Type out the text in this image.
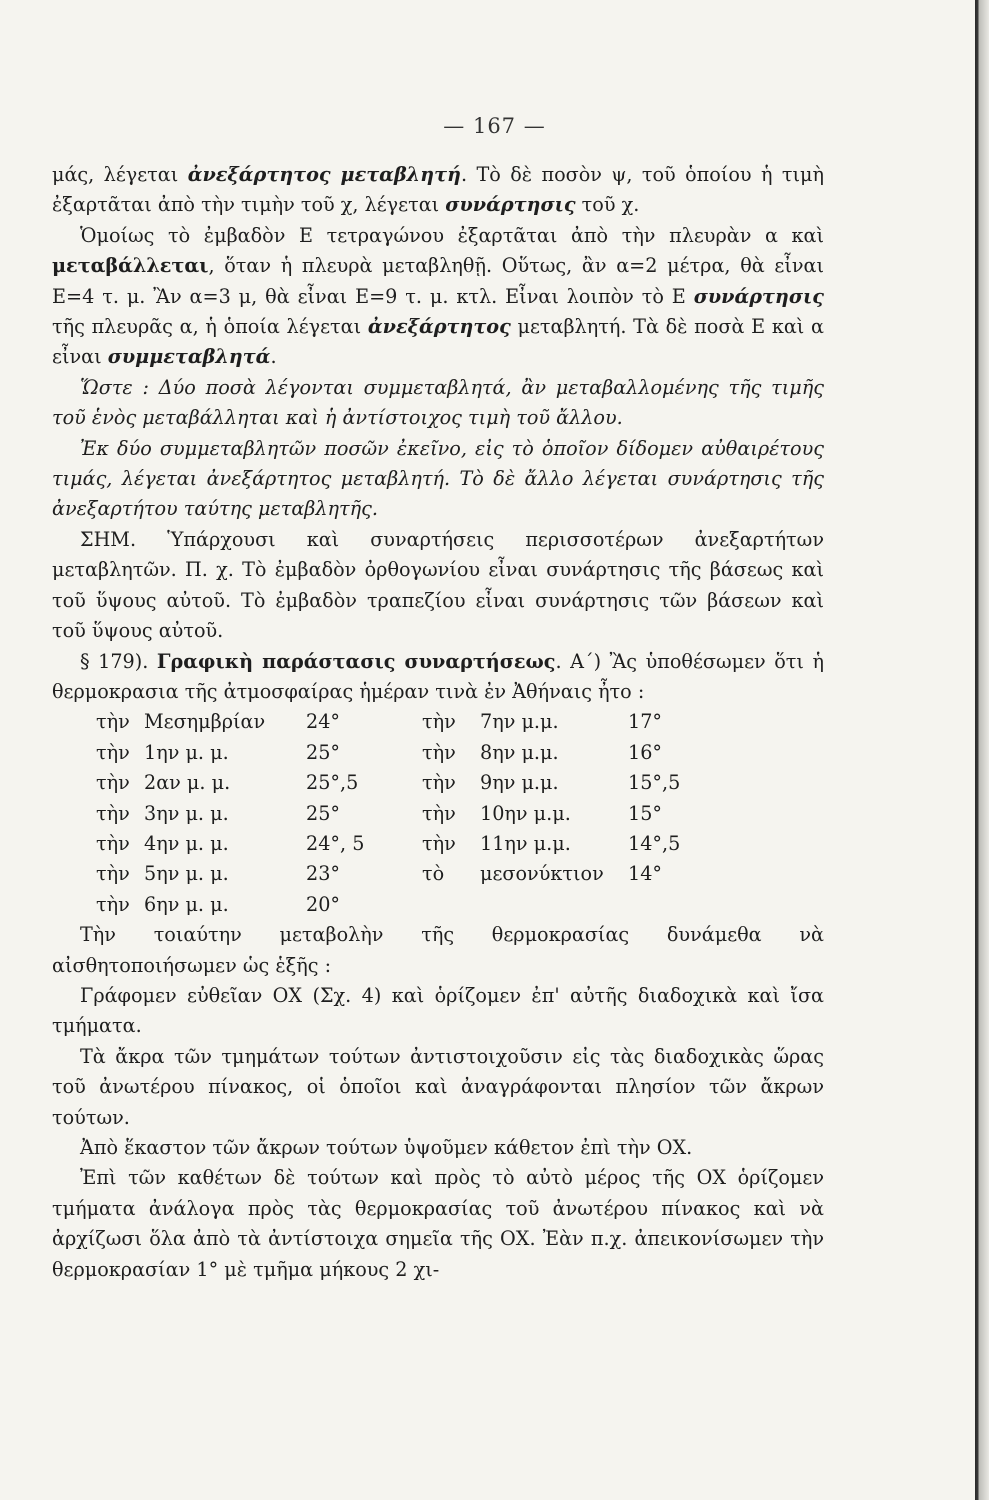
— 167 —

μάς, λέγεται ἀνεξάρτητος μεταβλητή. Τὸ δὲ ποσὸν ψ, τοῦ ὁποίου ἡ τιμὴ ἐξαρτᾶται ἀπὸ τὴν τιμὴν τοῦ χ, λέγεται συνάρτησις τοῦ χ.

Ὁμοίως τὸ ἐμβαδὸν Ε τετραγώνου ἐξαρτᾶται ἀπὸ τὴν πλευρὰν α καὶ μεταβάλλεται, ὅταν ἡ πλευρὰ μεταβληθῇ. Οὕτως, ἂν α=2 μέτρα, θὰ εἶναι Ε=4 τ. μ. Ἂν α=3 μ, θὰ εἶναι Ε=9 τ. μ. κτλ. Εἶναι λοιπὸν τὸ Ε συνάρτησις τῆς πλευρᾶς α, ἡ ὁποία λέγεται ἀνεξάρτητος μεταβλητή. Τὰ δὲ ποσὰ Ε καὶ α εἶναι συμμεταβλητά.

Ὥστε : Δύο ποσὰ λέγονται συμμεταβλητά, ἂν μεταβαλλομένης τῆς τιμῆς τοῦ ἑνὸς μεταβάλληται καὶ ἡ ἀντίστοιχος τιμὴ τοῦ ἄλλου.

Ἐκ δύο συμμεταβλητῶν ποσῶν ἐκεῖνο, εἰς τὸ ὁποῖον δίδομεν αὐθαιρέτους τιμάς, λέγεται ἀνεξάρτητος μεταβλητή. Τὸ δὲ ἄλλο λέγεται συνάρτησις τῆς ἀνεξαρτήτου ταύτης μεταβλητῆς.

ΣΗΜ. Ὑπάρχουσι καὶ συναρτήσεις περισσοτέρων ἀνεξαρτήτων μεταβλητῶν. Π. χ. Τὸ ἐμβαδὸν ὀρθογωνίου εἶναι συνάρτησις τῆς βάσεως καὶ τοῦ ὕψους αὐτοῦ. Τὸ ἐμβαδὸν τραπεζίου εἶναι συνάρτησις τῶν βάσεων καὶ τοῦ ὕψους αὐτοῦ.

§ 179). Γραφικὴ παράστασις συναρτήσεως. Α΄) Ἂς ὑποθέσωμεν ὅτι ἡ θερμοκρασια τῆς ἀτμοσφαίρας ἡμέραν τινὰ ἐν Ἀθήναις ἦτο :

τὴν	Μεσημβρίαν	24°	τὴν	7ην μ.μ.	17°
τὴν	1ην μ. μ.	25°	τὴν	8ην μ.μ.	16°
τὴν	2αν μ. μ.	25°,5	τὴν	9ην μ.μ.	15°,5
τὴν	3ην μ. μ.	25°	τὴν	10ην μ.μ.	15°
τὴν	4ην μ. μ.	24°, 5	τὴν	11ην μ.μ.	14°,5
τὴν	5ην μ. μ.	23°	τὸ	μεσονύκτιον	14°
τὴν	6ην μ. μ.	20°			

Τὴν τοιαύτην μεταβολὴν τῆς θερμοκρασίας δυνάμεθα νὰ αἰσθητοποιήσωμεν ὡς ἑξῆς :

Γράφομεν εὐθεῖαν ΟΧ (Σχ. 4) καὶ ὁρίζομεν ἐπ' αὐτῆς διαδοχικὰ καὶ ἴσα τμήματα.

Τὰ ἄκρα τῶν τμημάτων τούτων ἀντιστοιχοῦσιν εἰς τὰς διαδοχικὰς ὥρας τοῦ ἀνωτέρου πίνακος, οἱ ὁποῖοι καὶ ἀναγράφονται πλησίον τῶν ἄκρων τούτων.

Ἀπὸ ἕκαστον τῶν ἄκρων τούτων ὑψοῦμεν κάθετον ἐπὶ τὴν ΟΧ.

Ἐπὶ τῶν καθέτων δὲ τούτων καὶ πρὸς τὸ αὐτὸ μέρος τῆς ΟΧ ὁρίζομεν τμήματα ἀνάλογα πρὸς τὰς θερμοκρασίας τοῦ ἀνωτέρου πίνακος καὶ νὰ ἀρχίζωσι ὅλα ἀπὸ τὰ ἀντίστοιχα σημεῖα τῆς ΟΧ. Ἐὰν π.χ. ἀπεικονίσωμεν τὴν θερμοκρασίαν 1° μὲ τμῆμα μήκους 2 χι-
